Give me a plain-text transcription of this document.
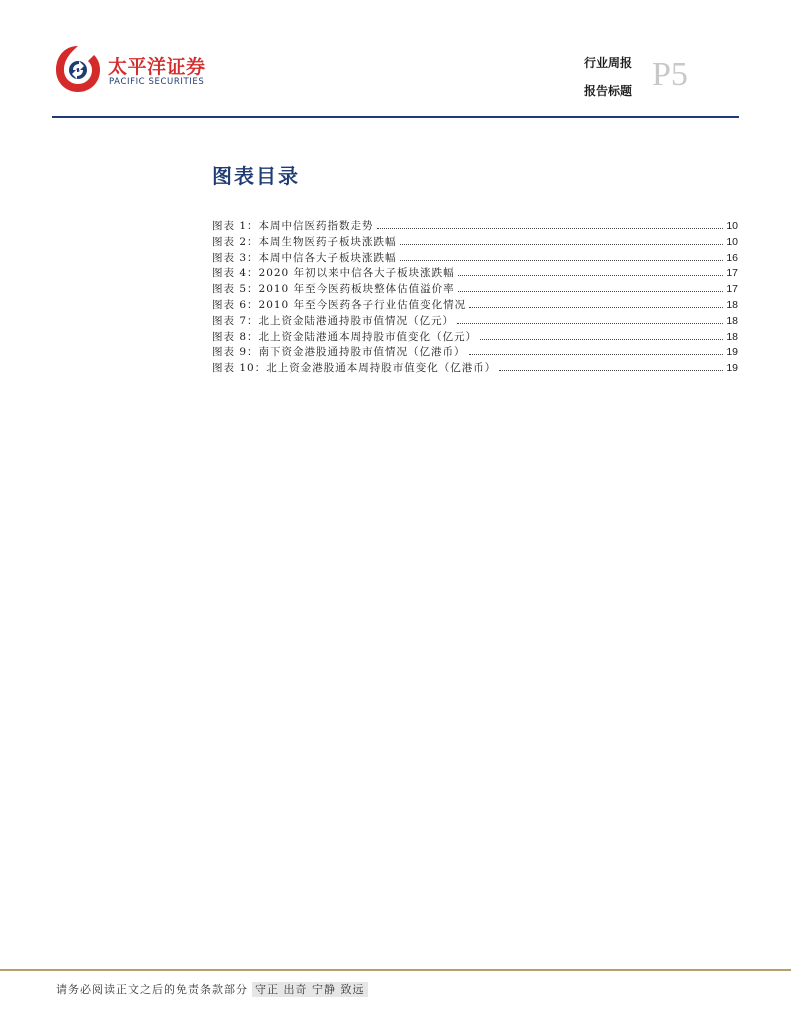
太平洋证券
PACIFIC SECURITIES
行业周报
报告标题 P5
图表目录
图表 1：本周中信医药指数走势	10
图表 2：本周生物医药子板块涨跌幅	10
图表 3：本周中信各大子板块涨跌幅	16
图表 4：2020 年初以来中信各大子板块涨跌幅	17
图表 5：2010 年至今医药板块整体估值溢价率	17
图表 6：2010 年至今医药各子行业估值变化情况	18
图表 7：北上资金陆港通持股市值情况（亿元）	18
图表 8：北上资金陆港通本周持股市值变化（亿元）	18
图表 9：南下资金港股通持股市值情况（亿港币）	19
图表 10：北上资金港股通本周持股市值变化（亿港币）	19
请务必阅读正文之后的免责条款部分 守正 出奇 宁静 致远
